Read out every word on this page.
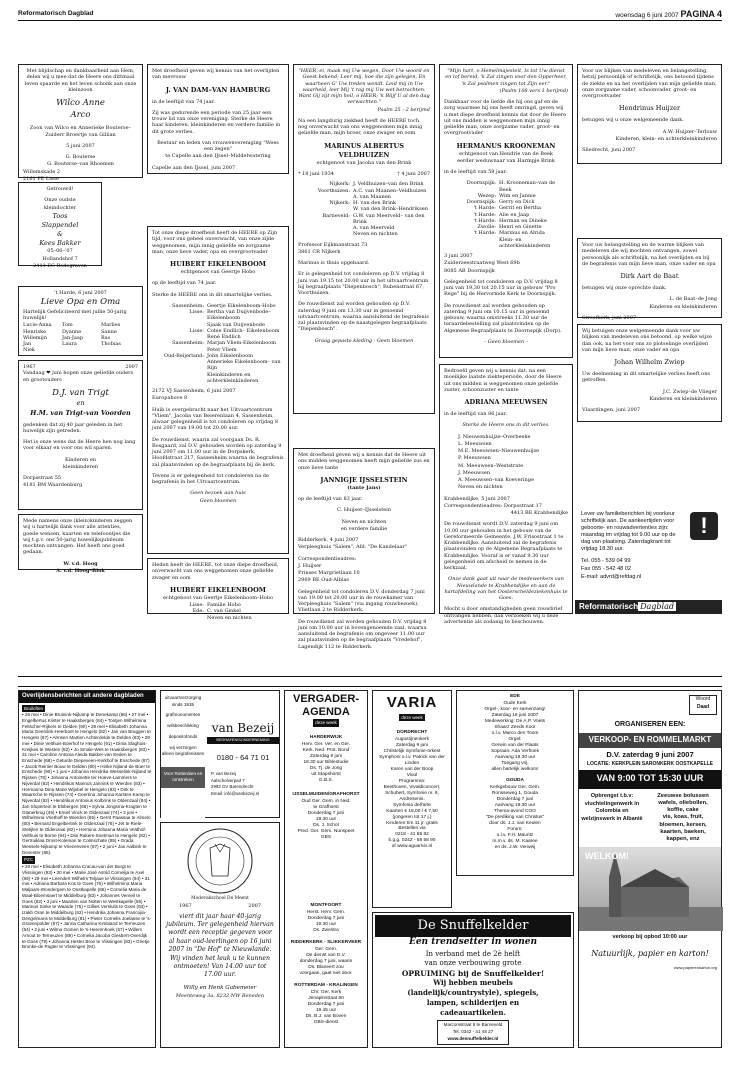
Reformatorisch Dagblad	woensdag 6 juni 2007 PAGINA 4

Met blijdschap en dankbaarheid aan Hem, delen wij u mee dat de Heere ons dittmaal leven spaarde en het leven schonk aan onze kleinzoon

Wilco Anne

Arco

Zoon van Wilco en Annerieke Bouterse–Zuiderr Broertje van Gillian

5 juni 2007

G. Bouterse

G. Bouterse–van Rhoemen

Willemskade 2

2161 PE Lisse

Getrouwd!

Onze oudste

kleindochter

Toos

Slappendel

&

Kees Bakker

05–06–'07

Hollandshof 7

2411 EC Bodegraven

't Harde, 6 juni 2007

Lieve Opa en Oma

Hartelijk Gefeliciteerd met jullie 50-jarig huwelijk!

Lucie-Anna	Tom	Marlies
Henriske	Dyanne	Sanne
Willemijn	Jan-Jaap	Bas
Jan	Laura	Thobias
Niek
1967	2007

Vandaag ❤ juni hopen onze geliefde ouders en grootouders

D.J. van Trigt

en

H.M. van Trigt-van Voorden

gedenken dat zij 40 jaar geleden in het huwelijk zijn getreden.

Het is onze wens dat de Heere hen nog lang voor elkaar en voor ons wil sparen.

Kinderen en

kleinkinderen

Dorpsstraat 55

4181 BM Waardenburg

Mede namens onze (klein)kinderen zeggen wij u hartelijk dank voor alle attenties, goede wensen, kaarten en telefoontjes die wij t.g.v. ons 50-jarig huwelijksjubileum mochten ontvangen. Het heeft ons goed gedaan.

W. v.d. Hoog

A. v.d. Hoog–Blok

Met droefheid geven wij kennis van het overlijden van mevrouw

J. VAN DAM–VAN HAMBURG

in de leeftijd van 74 jaar.

Zij was gedurende een periode van 25 jaar een trouw lid van onze vereniging. Sterke de Heere haar kinderen, kleinkinderen en verdere familie in dit grote verlies.

Bestuur en leden van vrouwenvereniging "Wees een zegen"

te Capelle aan den IJssel–Middelwatering

Capelle aan den IJssel, juni 2007

Tot onze diepe droefheid heeft de HEERE op Zijn tijd, voor ons geheel onverwacht, van onze zijde weggenomen, mijn innig geliefde en zorgzame man, onze lieve vader, opa en overgrootvader

HUIBERT EIKELENBOOM

echtgenoot van Geertje Hobo

op de leeftijd van 74 jaar.

Sterke de HEERE ons in dit smartelijke verlies.

Sassenheim: Geertje Eikelenboom-Hobo
Lisse: Bertha van Duijvenbode– Eikelenboom
Sjaak van Duijvenbode
Lisse: Cobie Endlich– Eikelenboom
René Endlich
Sassenheim: Marjan Vliem-Eikelenboom
Peter Vliem
Oud-Beijerland: John Eikelenboom
Annerieke Eikelenboom– van Rijn
Kleinkinderen en achterkleinkinderen

2172 VJ Sassenheim, 6 juni 2007

Europahove 8

Huib is overgebracht naar het Uitvaartcentrum "Vliem", Jacoba van Beierenlaan 4, Sassenheim, alwaar gelegenheid is tot condoleren op vrijdag 8 juni 2007 van 19.00 tot 20.00 uur.

De rouwdienst, waarin zal voorgaan Ds. R. Bosgaard, zal D.V. gehouden worden op zaterdag 9 juni 2007 om 11.00 uur in de Dorpskerk, Hoofdstraat 217, Sassenheim waarna de begrafenis zal plaatsvinden op de begraafplaats bij de kerk.

Tevens is er gelegenheid tot condoleren na de begrafenis in het Uitvaartcentrum.

Geen bezoek aan huis

Geen bloemen

Heden heeft de HEERE, tot onze diepe droefheid, onverwacht van ons weggenomen onze geliefde zwager en oom

HUIBERT EIKELENBOOM

echtgenoot van Geertje Eikelenboom–Hobo

Lisse: Familie Hobo
Ede: C. van Ginkel
Neven en nichten

"HEER, ei, maak mij Uw wegen, Door Uw woord en Geest bekend; Leer mij, hoe die zijn gelegen, En waarheen G' Uw treden wendt. Leid mij in Uw waarheid, leer Mij 't rag mij Uw wet betrachten. Want Gij zijt mijn heil, o HEER; 'k Blijf U al den dag verwachten."

Psalm 25 : 2 berijmd

Na een langdurig ziekbed heeft de HEERE toch nog onverwacht van ons weggenomen mijn innig geliefde man, mijn broer, onze zwager en oom

MARINUS ALBERTUS

VELDHUIZEN

echtgenoot van Jacoba van den Brink

* 18 juni 1934	† 4 juni 2007
Nijkerk: J. Veldhuizen–van den Brink
Voorthuizen: A.C. van Maanen–Veldhuizen
A. van Maanen
Nijkerk: H. van den Brink
W. van den Brink–Hendriksen
Barneveld: G.W. van Meerveld– van den Brink
A. van Meerveld
Neven en nichten

Professor Eijkmanstraat 73

3861 CR Nijkerk

Marinus is thuis opgebaard.

Er is gelegenheid tot condoleren op D.V. vrijdag 8 juni van 19.15 tot 20.00 uur in het uitvaartcentrum bij begraafplaats "Diepenbosch", Rubenstraat 67, Voorthuizen.

De rouwdienst zal worden gehouden op D.V. zaterdag 9 juni om 13.30 uur in genoemd uitvaartcentrum, waarna aansluitend de begrafenis zal plaatsvinden op de naastgelegen begraafplaats "Diepenbosch".

Graag gepaste kleding · Geen bloemen

Met droefheid geven wij u kennis dat de Heere uit ons midden weggenomen heeft mijn geliefde zus en onze lieve tante

JANNIGJE IJSSELSTEIN

(tante Jans)

op de leeftijd van 83 jaar.

C. Huijser–IJsselstein

Neven en nichten

en verdere familie

Ridderkerk, 4 juni 2007

Verpleeghuis "Salem", Afd. "De Kandelaar"

Correspondentieadres:

J. Huijser

Prinses Margrietlaan 10

2969 BE Oud-Alblas

Gelegenheid tot condoleren D.V. donderdag 7 juni van 19.00 tot 20.00 uur in de rouwkamer van Verpleeghuis "Salem" (via ingang rouwbezoek), Vlietlaan 2 te Ridderkerk.

De rouwdienst zal worden gehouden D.V. vrijdag 8 juni om 10.00 uur in bovengenoemde zaal, waarna aansluitend de begrafenis om ongeveer 11.00 uur zal plaatsvinden op de begraafplaats "Vredehof", Lagendijk 112 te Ridderkerk.

"Mijn hart, o Hemelmajesteit, Is tot Uw dienst en lof bereid, 'k Zal zingen voor den Opperheer, 'k Zal psalmen zingen tot Zijn eer."

(Psalm 108 vers 1 berijmd)

Dankbaar voor de liefde die hij ons gaf en de zorg waarmee hij ons heeft omringd, geven wij u met diepe droefheid kennis dat door de Heere uit ons midden is weggenomen mijn innig geliefde man, onze zorgzame vader, groot- en overgrootvader

HERMANUS KROONEMAN

echtgenoot van Hendrie van de Beek

eerder weduwnaar van Harmpje Brink

in de leeftijd van 59 jaar.

Doornspijk: H. Krooneman–van de Beek
Wezep: Wim en Jannie
Doornspijk: Gerry en Dick
't Harde: Gerrit en Bertha
't Harde: Alie en Jaap
't Harde: Herman en Dineke
Zwolle: Henri en Ginette
't Harde: Marinus en Alrida
Klein- en achterkleinkinderen

3 juni 2007

Zuiderzeestraatweg West 69b

8085 AB Doornspijk

Gelegenheid tot condoleren op D.V. vrijdag 8 juni van 19.30 tot 20.15 uur in gebouw "Pro Rege" bij de Hervormde Kerk te Doornspijk.

De rouwdienst zal worden gehouden op zaterdag 9 juni om 10.15 uur in genoemd gebouw, waarna omstreeks 11.30 uur de teraardebestelling zal plaatsvinden op de Algemene Begraafplaats te Doornspijk (Dorp).

– Geen bloemen –

Bedroefd geven wij u kennis dat, na een moeilijke laatste ziekteperiode, door de Heere uit ons midden is weggenomen onze geliefde zuster, schoonzuster en tante

ADRIANA MEEUWSEN

in de leeftijd van 86 jaar.

Sterke de Heere ons in dit verlies.

J. Nieuwenhuijze–Overbeeke

L. Meeuwsen

M.E. Meeuwsen–Nieuwenhuijze

P. Meeuwsen

M. Meeuwsen–Weststrate

J. Meeuwsen

A. Meeuwsen–van Koeveringe

Neven en nichten

Krabbendijke, 5 juni 2007

Correspondentieadres: Dorpsstraat 17

4413 BE Krabbendijke

De rouwdienst wordt D.V. zaterdag 9 juni om 10.00 uur gehouden in het gebouw van de Gereformeerde Gemeente, J.W. Frisostraat 1 te Krabbendijke. Aansluitend zal de begrafenis plaatsvinden op de Algemene Begraafplaats te Krabbendijke. Vooraf is er vanaf 9.30 uur gelegenheid om afscheid te nemen in de kerkzaal.

Onze dank gaat uit naar de medewerkers van Nieuwlande te Krabbendijke en aan de hartafdeling van het Oosterscheldeziekenhuis te Goes.

Mocht u door omstandigheden geen rouwbrief ontvangen hebben, dan verzoeken wij u deze advertentie als zodanig te beschouwen.

Voor uw blijken van medeleven en belangstelling, hetzij persoonlijk of schriftelijk, ons betoond tijdens de ziekte en na het overlijden van mijn geliefde man, onze zorgzame vader, schoonvader, groot- en overgrootvader

Hendrinus Huijzer

betuigen wij u onze welgemeende dank.

A.W. Huijzer–Terlouw

Kinderen, klein- en achterkleinkinderen

Sliedrecht, juni 2007

Voor uw belangstelling en de warme blijken van medeleven die wij mochten ontvangen, zowel persoonlijk als schriftelijk, na het overlijden en bij de begrafenis van mijn lieve man, onze vader en opa

Dirk Aart de Baat

betuigen wij onze oprechte dank.

L. de Baat–de Jong

Kinderen en kleinkinderen

Streefkerk, juni 2007

Wij betuigen onze welgemeende dank voor uw blijken van medeleven ons betoond, op welke wijze dan ook, na het voor ons zo plotselinge overlijden van mijn lieve man, onze vader en opa

Johan Wilhelm Zwiep

Uw deelneming in dit smartelijke verlies heeft ons getroffen.

J.C. Zwiep–de Vlieger

Kinderen en kleinkinderen

Vlaardingen, juni 2007

!

Lever uw familieberichten bij voorkeur schriftelijk aan. De aankeertijden voor geboorte- en rouwadvertenties zijn: maandag tm vrijdag tot 9.00 uur op de dag van plaatsing. Zaterdagkrant tot vrijdag 18.30 uur.

Tel. 055 - 539 04 99

Fax 055 - 542 48 02

E-mail: advrd@refdag.nl

Reformatorisch Dagblad
Overlijdensberichten uit andere dagbladen
Bruiloften

• 26 mei • Dinie Bruinink-Nijkamp te Denekamp (86) • 27 mei • Engelbertus Kiister te Haaksbergen (84) • Tootjen Wilhelmina Feltscher-Rijkers te Delden (90) • 28 mei • Elisabeth Johanna Maria Geerdink-Heerboet te Hengelo (82) • Jan van Bruggen te Hengelo (67) • Ahnsen Martien Achterdelde te Delden (83) • 29 mei • Dinie Velthuis-Boerhof te Hengelo (91) • Dinia Slaghuis-Kreijkes te Westen (82) • Jo Smale-Wes te Haaksbergen (83) • 31 mei • Caroline Antonia Aleida Bakker-van Eeden te Enschede (68) • Geturde Diepeveen-Kerkhof te Enschede (87) • Jacob Reinier Bouw te Delden (80) • Hinke Nijland-de Boer te Enschede (90) • 1 juni • Johanna Hendrika Wesselink-Nijland te Rijssen (78) • Johanna Antoinette ter Hoeve-Lammers te Nijverdal (82) • Hendrikus Marinus Jannink te Wierden (83) • Hermanna Dina Marie Wijnbel te Hengelo (83) • Dirk te Waarsche te Rijssen (74) • Geertina Johanna Karsten-Kamp te Nijverdal (92) • Hendrikus Antonius Kolbrink te Oldenzaal (84) • Jan Slopertein te Elsbergen (68) • Sylvia Jongsma-Kragten te Glanerbrug (49) • Emiel Vinck te Oldenzaal (74) • 3 juni • Wilhelmina Vriethoff te Wierden (65) • Gerrit Paassaa te Almelo (60) • Bernard Engelbertink te Oldenzaal (76) • Jet te Riele-Stetijlen te Oldenzaal (82) • Hermina Johanna Maria Veldhof-Velthuis te Borne (94) • Dini Rakers-Soetman te Hengelo (82) • Gertruiklaa Drost-Koleman te Colmschate (85) • Grada Wessels-Nijkamp te Vriezenveen (87) • 2 juni • Jan Aalbink te Deventer (85).

PZC

• 29 mei • Elisabeth Johanna Cracau-van der Burgt te Vlissingen (93) • 30 mei • Marie José Astrid Cornelija te Axel (89) • 29 mei • Leendert Wilhelm Teljaue te Vlissingen (94) • 31 mei • Adriana Barbara Kos te Goes (76) • Wilhelmina Maria Maljaars-Wondergem te Oostkapelle (86) • Cornelia Maria de Waal-Bloemsaert te Middelburg (83) • Johannes Verneil te Goes (82) • 3 juni • Maarten van Nolten te Westkapelle (55) • Marinus Sinke te Waarde (75) • Gillies Verslulis te Goes (83) • Izakb Oran te Middelburg (82) • Hendrika Johanna Francojia-Dengelmans te Middelburg (81) • Pieter Cornelis Joelasse te 's-Gravenpolder (87) • Janna Catharina Kimbiand te Terneuzen (94) • 2 juni • Wilma Oomen te 's-Heerenhoek (57) • Willem Arnout te Terneuzen (89) • Cornelia Jacoba Giesbert-Overdijk te Goes (79) • Johanna Hester Broe te Vlissingen (83) • Grietje Bronke-de Pagter te Vlissingen (94).

uitvaartverzorging

sinds 1935

grafmonumenten

wilsbeschikking

depositofonds

wij verzorgen

alleen begrafenissen

Voor Rotterdam en omstreken

van Bezeij

BEGRAFENISONDERNEMING

0180 - 64 71 01

P. van Bezeij

Aalscholverpad 7

2992 GV Barendrecht

Email: info@vanbezeij.nl

Modevakschool De Meent

1967	2007

viert dit jaar haar 40-jarig jubileum. Ter gelegenheid hiervan wordt een receptie gegeven voor al haar oud-leerlingen op 16 juni 2007 in "De Hof" te Nieuwlande. Wij vinden het leuk u te kunnen ontmoeten! Van 14.00 uur tot 17.00 uur.

Willy en Henk Gabemeier

Meenteweg 3a, 8232 NW Beneden

VERGADER-

AGENDA

deze week

HARDERWIJK

Herv. Ger. Ver. en Ger.
Kerk. Ned. Prot. Bond
Zaterdag 9 juni
18.30 uur Biblestudie
Ds. Tj. de Jong
uit Stapshorst
G.B.S.

IJSSELMUIDEN/GRAFHORST

Oud Ger. Gem. in Ned.
te Grafhorst
Donderdag 7 juni
19.30 uur
Ds. J. Schot
Pred. Ger. Gem. Nunspeet
GBS

MONTFOORT

Herst. Herv. Gem.
Donderdag 7 juni
19.30 uur
Ds. Zwestra

RIDDERKERK - SLIKKERVEER

Ger. Gem.
De dienst van D.V.
donderdag 7 juni, waarin
Ds. Blaneert zou
voorgaan, gaat niet door.

ROTTERDAM - KRALINGEN

Chr. Ger. Kerk
Jenaplnstraat 80
Donderdag 7 juni
19.45 uur
Ds. B.J. van Boven
GBS-dienst

VARIA

deze week

DORDRECHT

Augustijnenkerk
Zaterdag 9 juni
Christelijk Symfonie-orkest Symphoni o.l.v. Patrick van der Linden
Karen van der Boop
Viool
Programma:
Beethoven, Vivaldiconcert, Schubert, Symfonie nr. 6, Andresenis.
Symfonia dell'arte
Kaarten € 15,00 / € 7,50 (jongeren tot 17 j.)
Kinderen t/m 11 jr. gratis
Bestellen via
0218 - 41 65 82
b.g.g. 0242 - 58 58 90
of www.aguarnin.nl

EDE

Oude Kerk
Orgel-, koor- en samenzang!
Zaterdag 16 juni 2007
Medewerking: De A.P. Voets
Shaarz Zeeds Koor
o.l.v. Marco den Toom
Orgel:
Gerwin van der Plaats
Sopraan: Ada Verhoek
Aanvang 19.30 uur
Toegang vrij,
allen hartelijk welkom!

GOUDA

Kerkgebouw Ger. Gem.
Ronsseweg 1, Gouda
Donderdag 7 juni
Aanvang 19.30 uur
Thema-avond COO
"De prediking van Christus"
door ds. J.J. van Keulen
Forum:
o.l.v. F.H. Mauritz
m.m.v. ds. M. Kaaree
en ds. J.W. Verweij

De Snuffelkelder

Een trendsetter in wonen

In verband met de 2è helft

van onze verbouwing grote

OPRUIMING bij de Snuffelkelder!

Wij hebben meubels

(landelijk/countrystyle), spiegels,

lampen, schilderijen en

cadeauartikelen.

Marconistraat 8 te Barneveld

Tel. 0342 - 41 48 27

www.desnuffelkelder.nl

Woord

Daad

ORGANISEREN EEN:

VERKOOP- EN ROMMELMARKT

D.V. zaterdag 9 juni 2007

LOCATIE: KERKPLEIN SARONKERK OOSTKAPELLE

VAN 9:00 TOT 15:30 UUR

Opbrengst t.b.v:

vluchtelingenwerk in

Colombia en

welzijnswerk in Albanië

Zeeuwse bolussen
wafels, oliebollen,
koffie, cake
vis, koas, fruit,
bloemen, kersen,
kaarten, baeken,
kappen, enz

WELKOM!

verkoop bij opbod 10:00 uur

Natuurlijk, papier en karton!

www.papierenkarton.org
